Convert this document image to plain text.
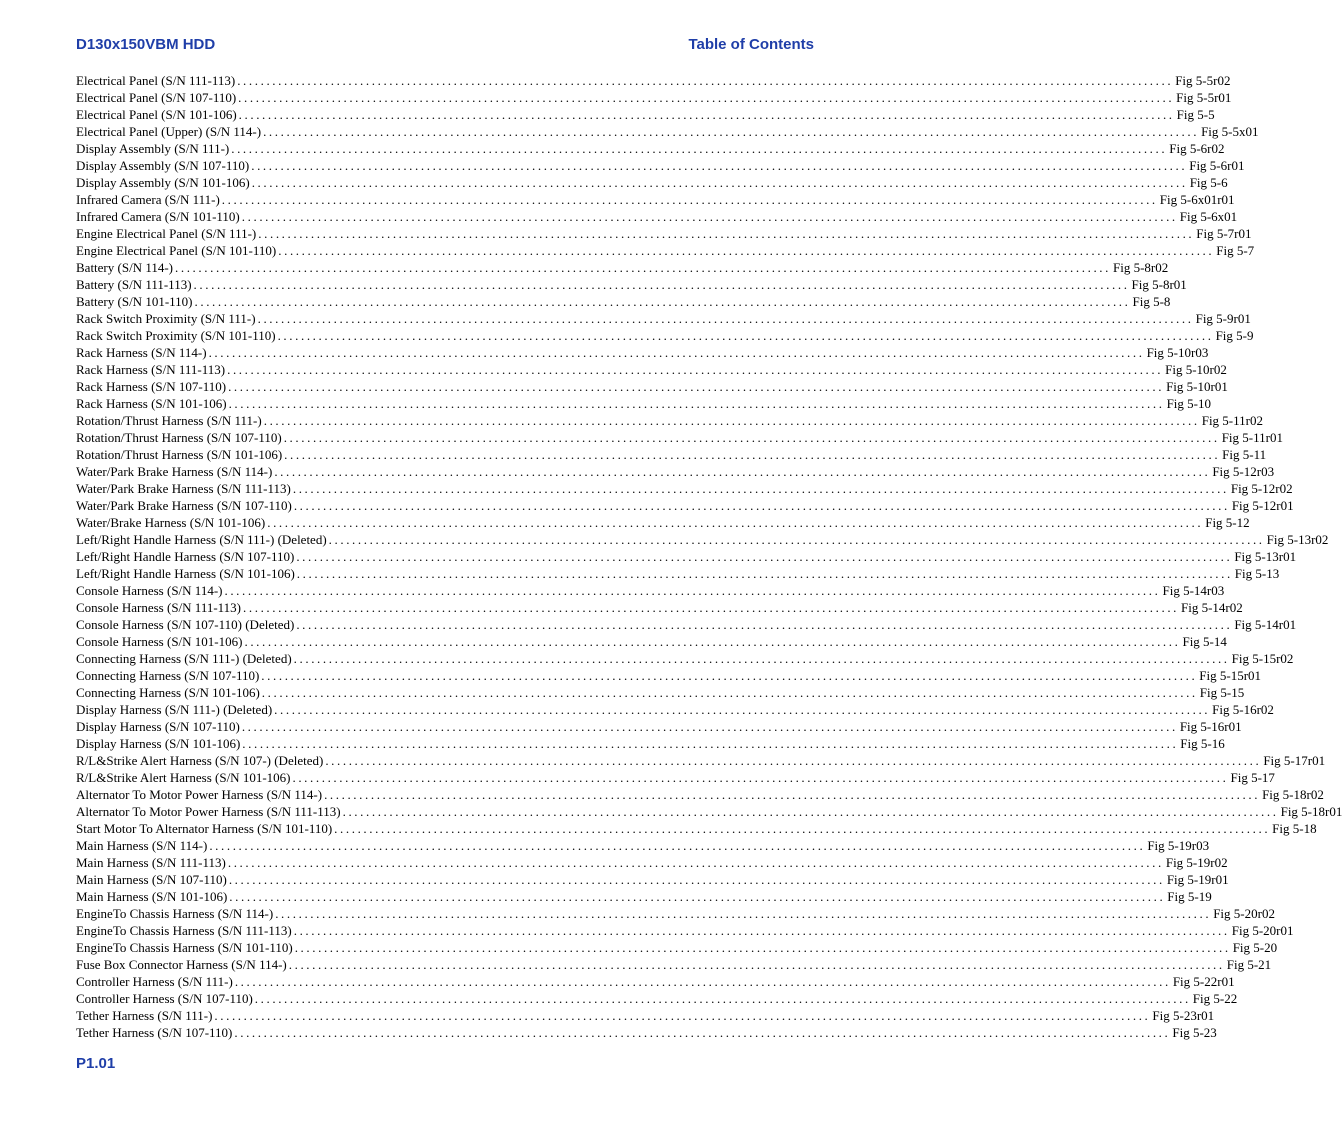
D130x150VBM HDD	Table of Contents
Electrical Panel (S/N 111-113) ................................................................................................................................................................ Fig 5-5r02
Electrical Panel (S/N 107-110) ................................................................................................................................................................ Fig 5-5r01
Electrical Panel (S/N 101-106) ................................................................................................................................................................ Fig 5-5
Electrical Panel (Upper) (S/N 114-) ................................................................................................................................................................ Fig 5-5x01
Display Assembly (S/N 111-) ................................................................................................................................................................ Fig 5-6r02
Display Assembly (S/N 107-110) ................................................................................................................................................................ Fig 5-6r01
Display Assembly (S/N 101-106) ................................................................................................................................................................ Fig 5-6
Infrared Camera (S/N 111-) ................................................................................................................................................................ Fig 5-6x01r01
Infrared Camera (S/N 101-110) ................................................................................................................................................................ Fig 5-6x01
Engine Electrical Panel (S/N 111-) ................................................................................................................................................................ Fig 5-7r01
Engine Electrical Panel (S/N 101-110) ................................................................................................................................................................ Fig 5-7
Battery (S/N 114-) ................................................................................................................................................................ Fig 5-8r02
Battery (S/N 111-113) ................................................................................................................................................................ Fig 5-8r01
Battery (S/N 101-110) ................................................................................................................................................................ Fig 5-8
Rack Switch Proximity (S/N 111-) ................................................................................................................................................................ Fig 5-9r01
Rack Switch Proximity (S/N 101-110) ................................................................................................................................................................ Fig 5-9
Rack Harness (S/N 114-) ................................................................................................................................................................ Fig 5-10r03
Rack Harness (S/N 111-113) ................................................................................................................................................................ Fig 5-10r02
Rack Harness (S/N 107-110) ................................................................................................................................................................ Fig 5-10r01
Rack Harness (S/N 101-106) ................................................................................................................................................................ Fig 5-10
Rotation/Thrust Harness (S/N 111-) ................................................................................................................................................................ Fig 5-11r02
Rotation/Thrust Harness (S/N 107-110) ................................................................................................................................................................ Fig 5-11r01
Rotation/Thrust Harness (S/N 101-106) ................................................................................................................................................................ Fig 5-11
Water/Park Brake Harness (S/N 114-) ................................................................................................................................................................ Fig 5-12r03
Water/Park Brake Harness (S/N 111-113) ................................................................................................................................................................ Fig 5-12r02
Water/Park Brake Harness (S/N 107-110) ................................................................................................................................................................ Fig 5-12r01
Water/Brake Harness (S/N 101-106) ................................................................................................................................................................ Fig 5-12
Left/Right Handle Harness (S/N 111-) (Deleted) ................................................................................................................................................................ Fig 5-13r02
Left/Right Handle Harness (S/N 107-110) ................................................................................................................................................................ Fig 5-13r01
Left/Right Handle Harness (S/N 101-106) ................................................................................................................................................................ Fig 5-13
Console Harness (S/N 114-) ................................................................................................................................................................ Fig 5-14r03
Console Harness (S/N 111-113) ................................................................................................................................................................ Fig 5-14r02
Console Harness (S/N 107-110) (Deleted) ................................................................................................................................................................ Fig 5-14r01
Console Harness (S/N 101-106) ................................................................................................................................................................ Fig 5-14
Connecting Harness (S/N 111-) (Deleted) ................................................................................................................................................................ Fig 5-15r02
Connecting Harness (S/N 107-110) ................................................................................................................................................................ Fig 5-15r01
Connecting Harness (S/N 101-106) ................................................................................................................................................................ Fig 5-15
Display Harness (S/N 111-) (Deleted) ................................................................................................................................................................ Fig 5-16r02
Display Harness (S/N 107-110) ................................................................................................................................................................ Fig 5-16r01
Display Harness (S/N 101-106) ................................................................................................................................................................ Fig 5-16
R/L&Strike Alert Harness (S/N 107-) (Deleted) ................................................................................................................................................................ Fig 5-17r01
R/L&Strike Alert Harness (S/N 101-106) ................................................................................................................................................................ Fig 5-17
Alternator To Motor Power Harness (S/N 114-) ................................................................................................................................................................ Fig 5-18r02
Alternator To Motor Power Harness (S/N 111-113) ................................................................................................................................................................ Fig 5-18r01
Start Motor To Alternator Harness (S/N 101-110) ................................................................................................................................................................ Fig 5-18
Main Harness (S/N 114-) ................................................................................................................................................................ Fig 5-19r03
Main Harness (S/N 111-113) ................................................................................................................................................................ Fig 5-19r02
Main Harness (S/N 107-110) ................................................................................................................................................................ Fig 5-19r01
Main Harness (S/N 101-106) ................................................................................................................................................................ Fig 5-19
EngineTo Chassis Harness (S/N 114-) ................................................................................................................................................................ Fig 5-20r02
EngineTo Chassis Harness (S/N 111-113) ................................................................................................................................................................ Fig 5-20r01
EngineTo Chassis Harness (S/N 101-110) ................................................................................................................................................................ Fig 5-20
Fuse Box Connector Harness (S/N 114-) ................................................................................................................................................................ Fig 5-21
Controller Harness (S/N 111-) ................................................................................................................................................................ Fig 5-22r01
Controller Harness (S/N 107-110) ................................................................................................................................................................ Fig 5-22
Tether Harness (S/N 111-) ................................................................................................................................................................ Fig 5-23r01
Tether Harness (S/N 107-110) ................................................................................................................................................................ Fig 5-23
P1.01
